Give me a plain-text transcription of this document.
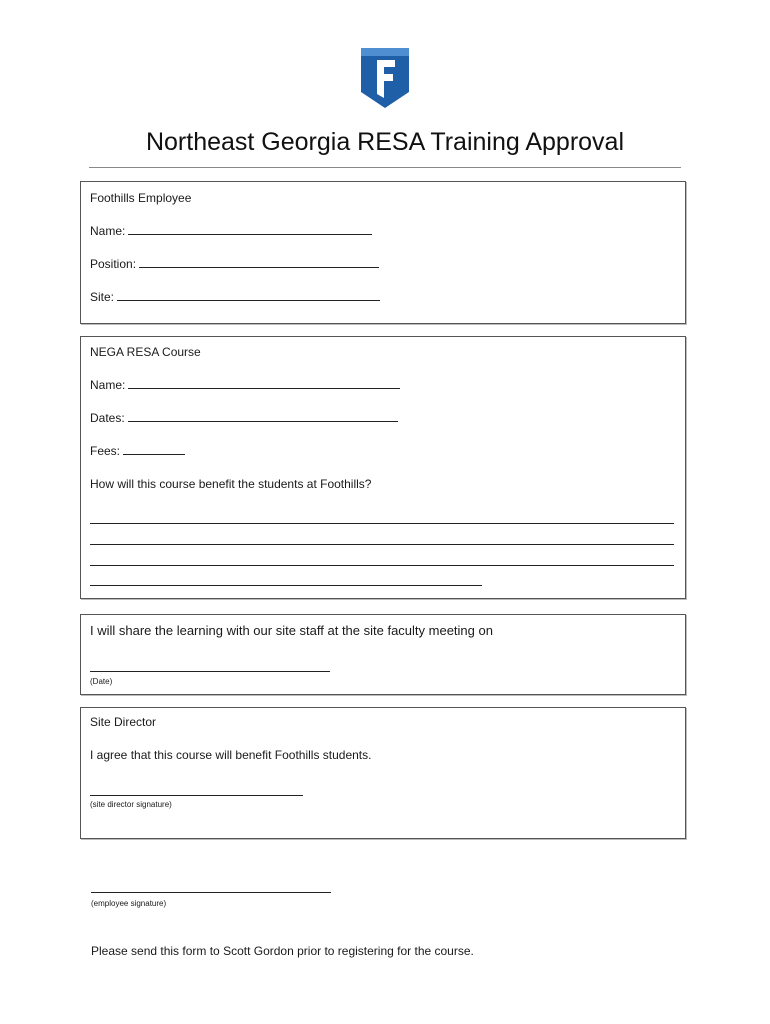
Northeast Georgia RESA Training Approval
Foothills Employee
Name:
Position:
Site:
NEGA RESA Course
Name:
Dates:
Fees:
How will this course benefit the students at Foothills?
I will share the learning with our site staff at the site faculty meeting on
(Date)
Site Director
I agree that this course will benefit Foothills students.
(site director signature)
(employee signature)
Please send this form to Scott Gordon prior to registering for the course.
